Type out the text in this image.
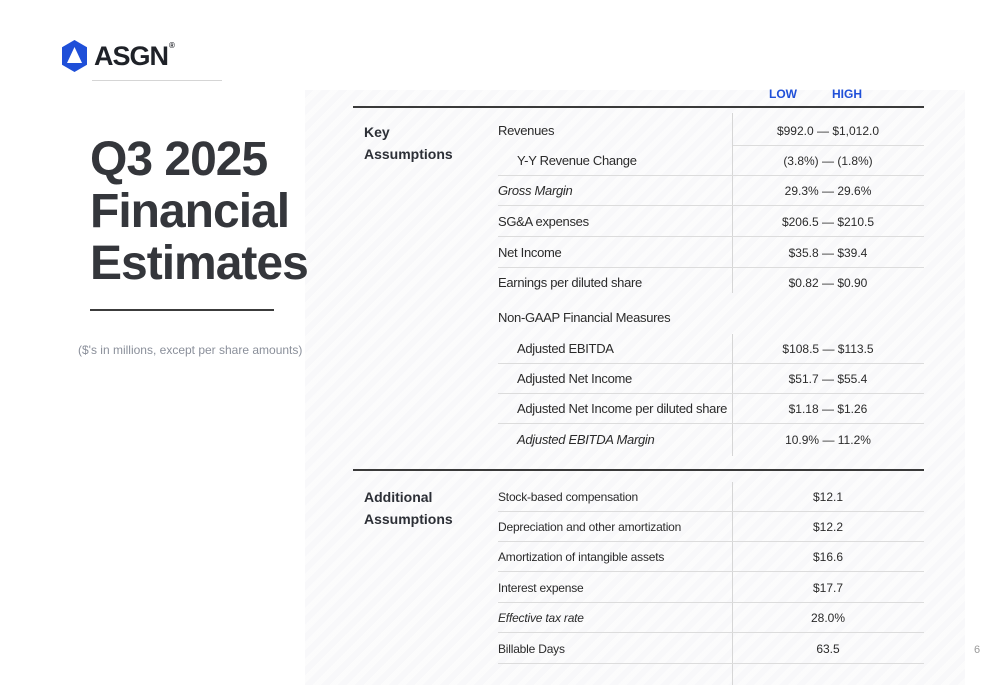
ASGN®
Q3 2025
Financial
Estimates
($'s in millions, except per share amounts)
LOW	HIGH
Key
Assumptions
Revenues	$992.0 — $1,012.0
Y-Y Revenue Change	(3.8%) — (1.8%)
Gross Margin	29.3% — 29.6%
SG&A expenses	$206.5 — $210.5
Net Income	$35.8 — $39.4
Earnings per diluted share	$0.82 — $0.90
Non-GAAP Financial Measures
Adjusted EBITDA	$108.5 — $113.5
Adjusted Net Income	$51.7 — $55.4
Adjusted Net Income per diluted share	$1.18 — $1.26
Adjusted EBITDA Margin	10.9% — 11.2%
Additional
Assumptions
Stock-based compensation	$12.1
Depreciation and other amortization	$12.2
Amortization of intangible assets	$16.6
Interest expense	$17.7
Effective tax rate	28.0%
Billable Days	63.5	6
